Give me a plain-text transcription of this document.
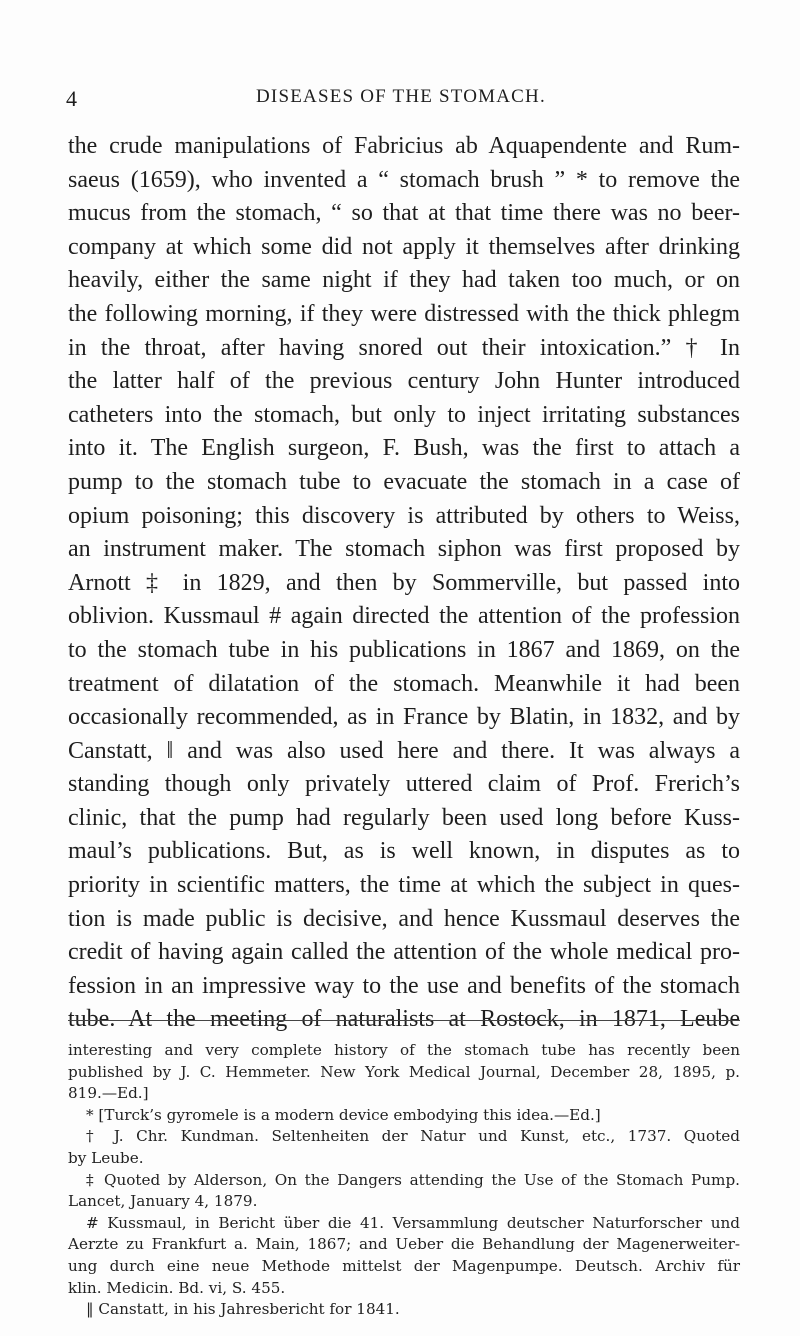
4	DISEASES OF THE STOMACH.
the crude manipulations of Fabricius ab Aquapendente and Rum-
saeus (1659), who invented a “ stomach brush ” * to remove the
mucus from the stomach, “ so that at that time there was no beer-
company at which some did not apply it themselves after drinking
heavily, either the same night if they had taken too much, or on
the following morning, if they were distressed with the thick phlegm
in the throat, after having snored out their intoxication.” † In
the latter half of the previous century John Hunter introduced
catheters into the stomach, but only to inject irritating substances
into it. The English surgeon, F. Bush, was the first to attach a
pump to the stomach tube to evacuate the stomach in a case of
opium poisoning; this discovery is attributed by others to Weiss,
an instrument maker. The stomach siphon was first proposed by
Arnott ‡ in 1829, and then by Sommerville, but passed into
oblivion. Kussmaul # again directed the attention of the profession
to the stomach tube in his publications in 1867 and 1869, on the
treatment of dilatation of the stomach. Meanwhile it had been
occasionally recommended, as in France by Blatin, in 1832, and by
Canstatt, ‖ and was also used here and there. It was always a
standing though only privately uttered claim of Prof. Frerich’s
clinic, that the pump had regularly been used long before Kuss-
maul’s publications. But, as is well known, in disputes as to
priority in scientific matters, the time at which the subject in ques-
tion is made public is decisive, and hence Kussmaul deserves the
credit of having again called the attention of the whole medical pro-
fession in an impressive way to the use and benefits of the stomach
tube. At the meeting of naturalists at Rostock, in 1871, Leube
interesting and very complete history of the stomach tube has recently been
published by J. C. Hemmeter. New York Medical Journal, December 28, 1895, p.
819.—Ed.]
* [Turck’s gyromele is a modern device embodying this idea.—Ed.]
† J. Chr. Kundman. Seltenheiten der Natur und Kunst, etc., 1737. Quoted
by Leube.
‡ Quoted by Alderson, On the Dangers attending the Use of the Stomach Pump.
Lancet, January 4, 1879.
# Kussmaul, in Bericht über die 41. Versammlung deutscher Naturforscher und
Aerzte zu Frankfurt a. Main, 1867; and Ueber die Behandlung der Magenerweiter-
ung durch eine neue Methode mittelst der Magenpumpe. Deutsch. Archiv für
klin. Medicin. Bd. vi, S. 455.
‖ Canstatt, in his Jahresbericht for 1841.
